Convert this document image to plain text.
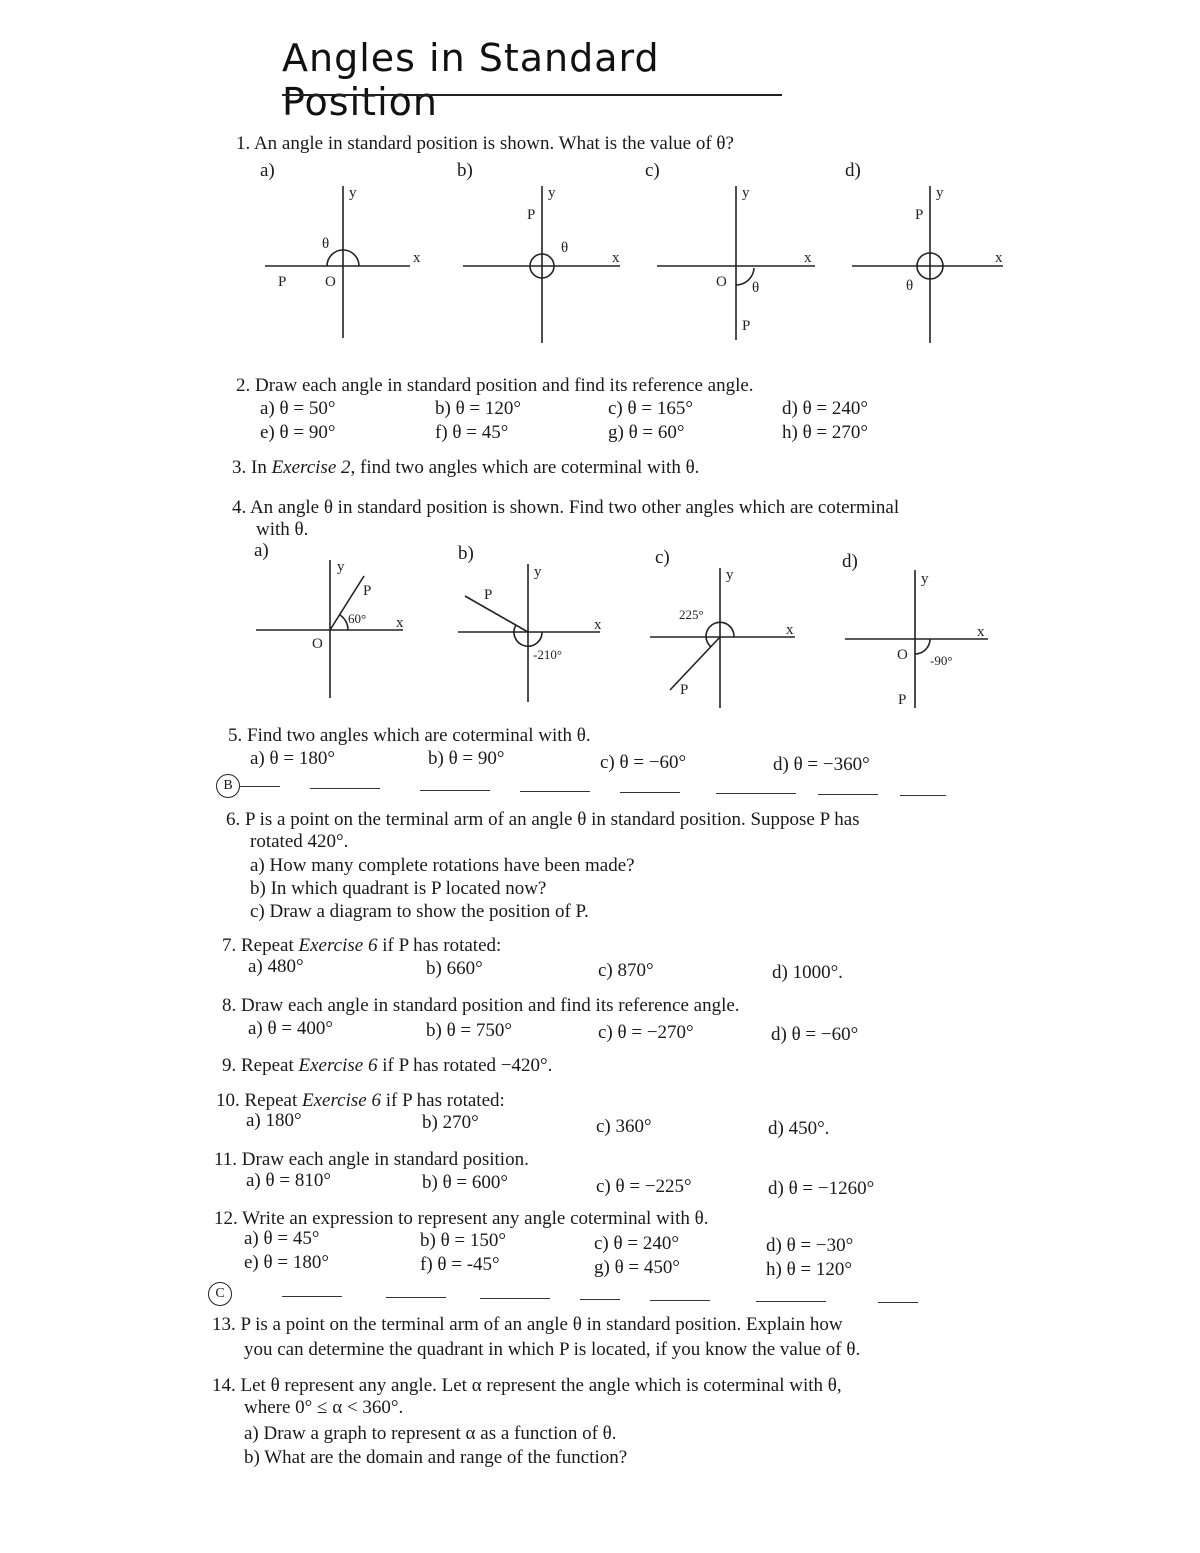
Angles in Standard Position
1. An angle in standard position is shown. What is the value of θ?
a)	b)	c)	d)
y
x
θ
P	O
y
x
P
θ
y
x
O θ
P
y
x
P
θ
2. Draw each angle in standard position and find its reference angle.
a) θ = 50°	b) θ = 120°	c) θ = 165°	d) θ = 240°
e) θ = 90°	f) θ = 45°	g) θ = 60°	h) θ = 270°
3. In Exercise 2, find two angles which are coterminal with θ.
4. An angle θ in standard position is shown. Find two other angles which are coterminal
with θ.
a)	b)	c)	d)
y
x
P
60°
O
y
x
P
-210°
y
x
225°
P
y
x
O -90°
P
5. Find two angles which are coterminal with θ.
a) θ = 180°	b) θ = 90°	c) θ = −60°	d) θ = −360°
B
6. P is a point on the terminal arm of an angle θ in standard position. Suppose P has
rotated 420°.
a) How many complete rotations have been made?
b) In which quadrant is P located now?
c) Draw a diagram to show the position of P.
7. Repeat Exercise 6 if P has rotated:
a) 480°	b) 660°	c) 870°	d) 1000°.
8. Draw each angle in standard position and find its reference angle.
a) θ = 400°	b) θ = 750°	c) θ = −270°	d) θ = −60°
9. Repeat Exercise 6 if P has rotated −420°.
10. Repeat Exercise 6 if P has rotated:
a) 180°	b) 270°	c) 360°	d) 450°.
11. Draw each angle in standard position.
a) θ = 810°	b) θ = 600°	c) θ = −225°	d) θ = −1260°
12. Write an expression to represent any angle coterminal with θ.
a) θ = 45°	b) θ = 150°	c) θ = 240°	d) θ = −30°
e) θ = 180°	f) θ = -45°	g) θ = 450°	h) θ = 120°
C
13. P is a point on the terminal arm of an angle θ in standard position. Explain how
you can determine the quadrant in which P is located, if you know the value of θ.
14. Let θ represent any angle. Let α represent the angle which is coterminal with θ,
where 0° ≤ α < 360°.
a) Draw a graph to represent α as a function of θ.
b) What are the domain and range of the function?
